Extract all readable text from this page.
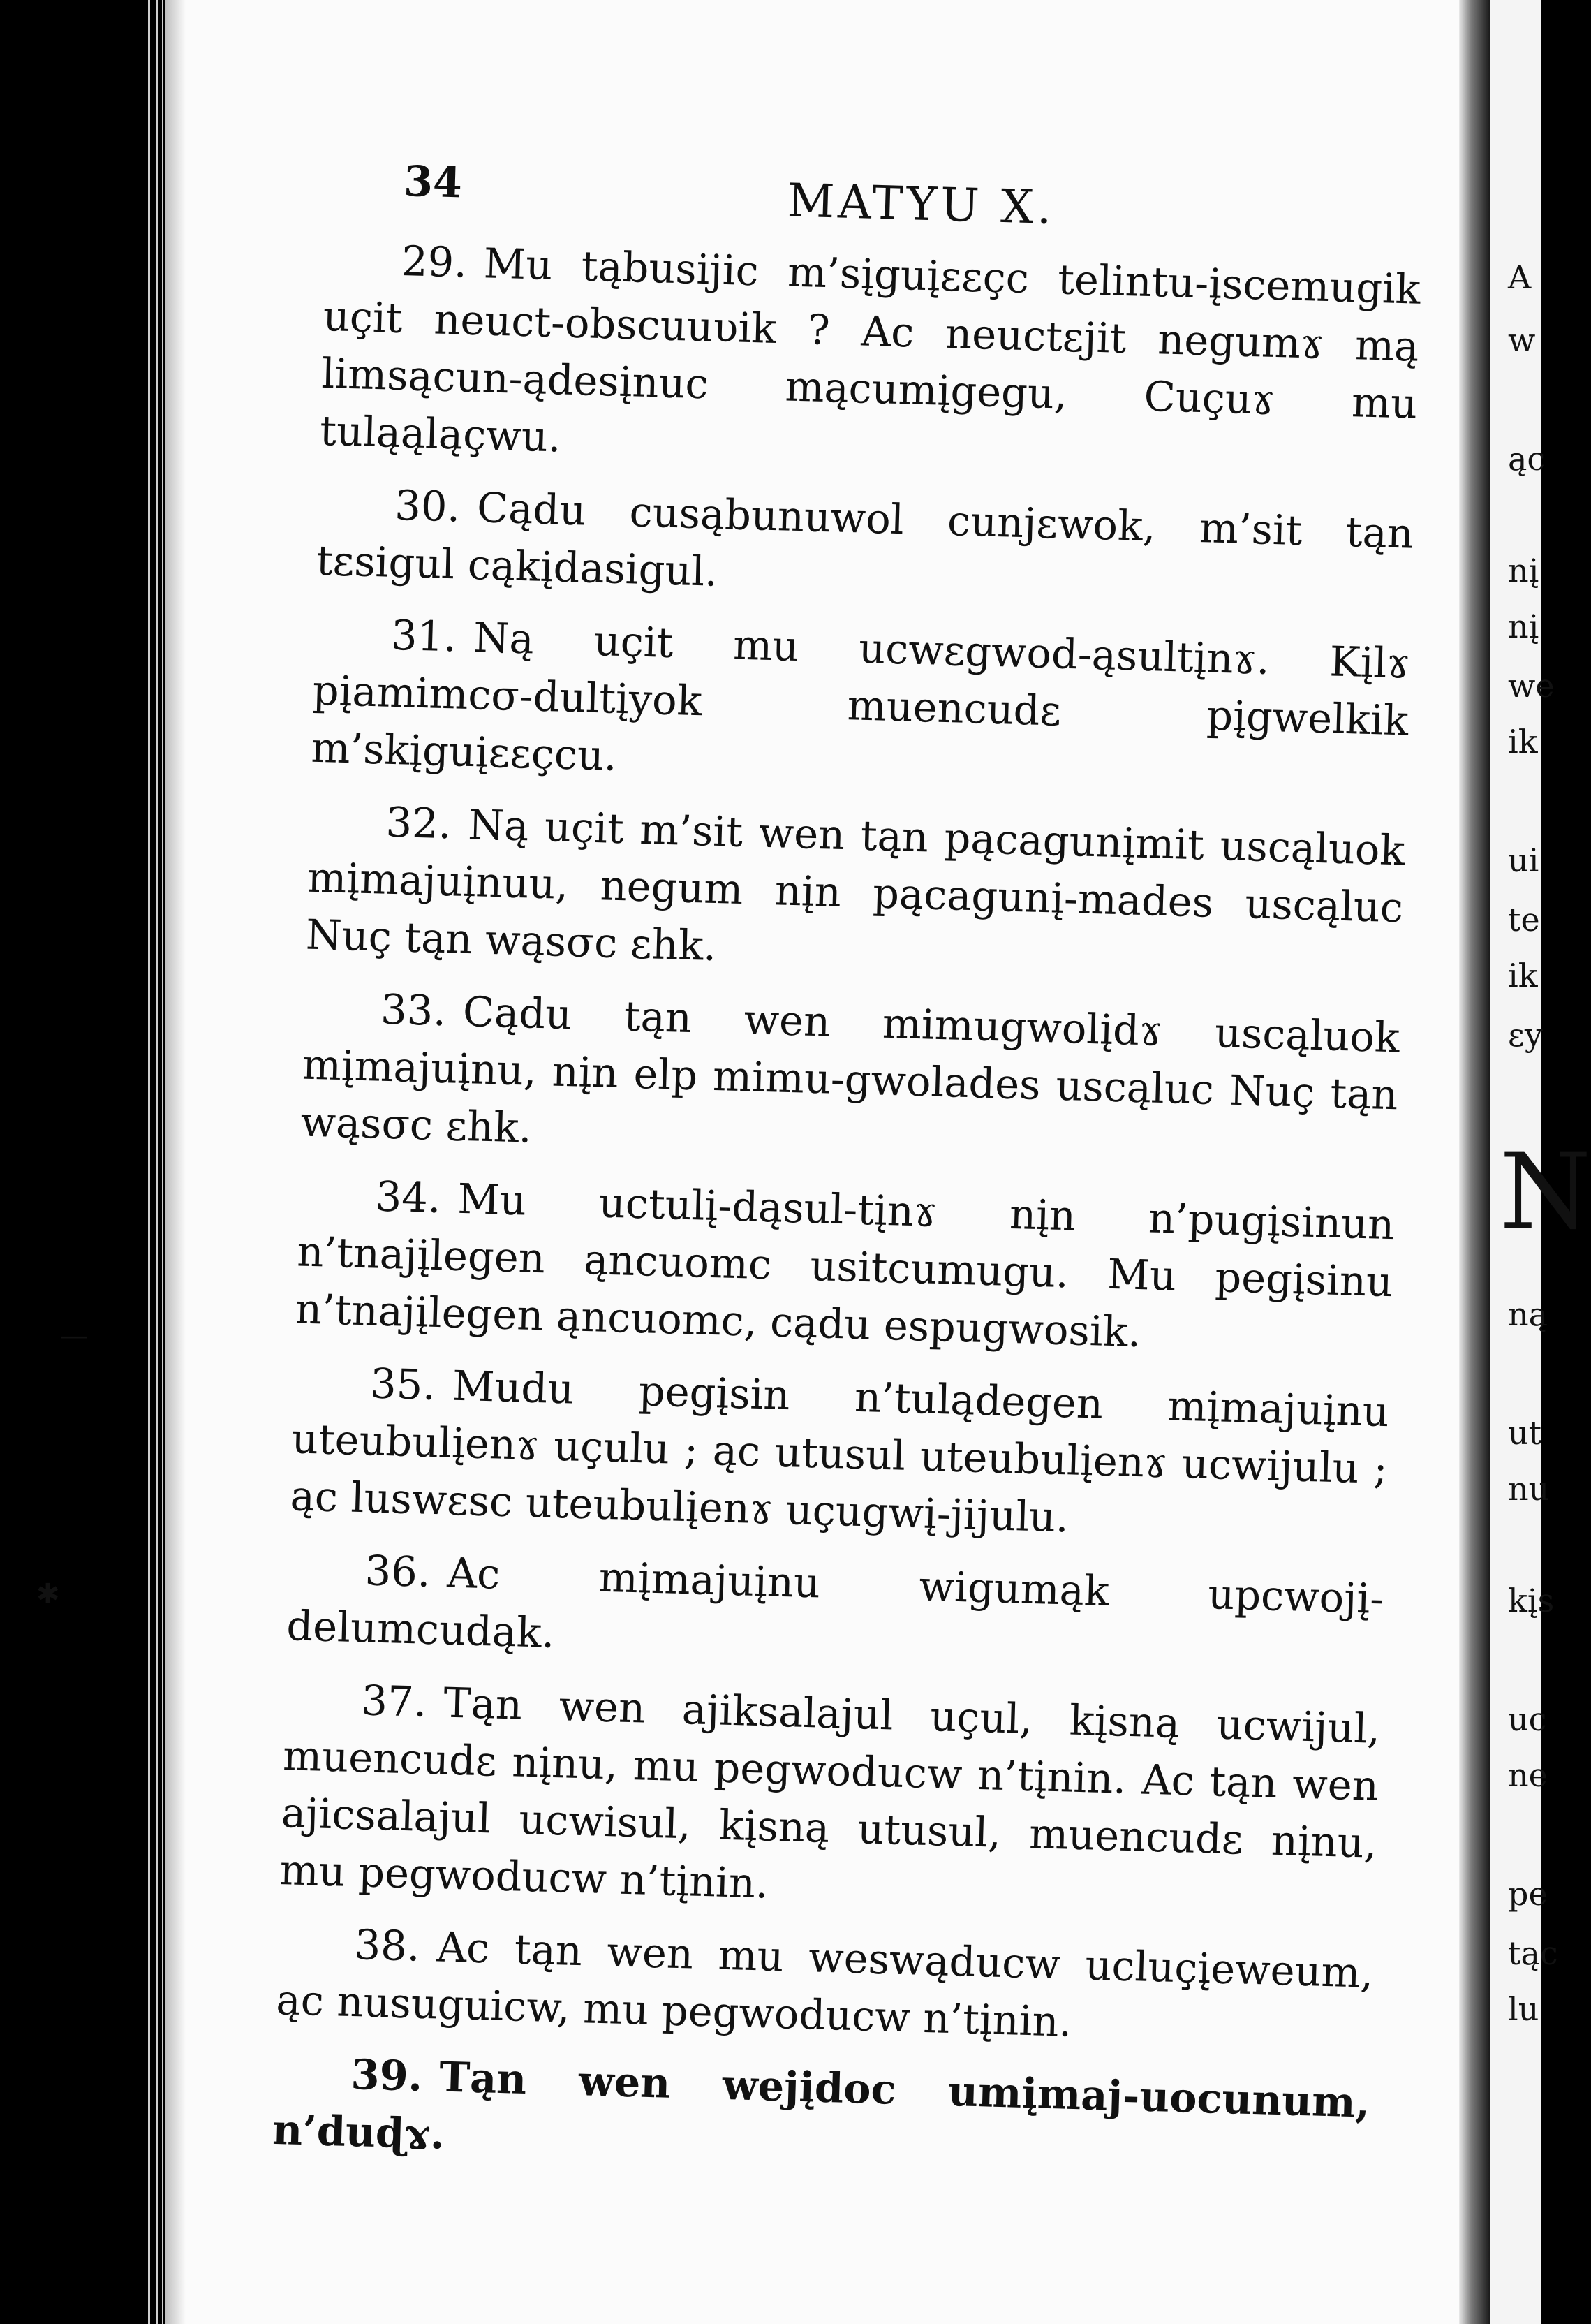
34	MATYU X.

29. Mu tąbusijic m’sįguįεεçc telintu-įscemugik uçit neuct-obscuuυik ? Ac neuctεjit negumɤ mą limsącun-ądesįnuc mącumįgegu, Cuçuɤ mu tuląąląçwu.

30. Cądu cusąbunuwol cunjεwok, m’sit tąn tεsigul cąkįdasigul.

31. Ną uçit mu ucwεgwod-ąsultįnɤ. Kįlɤ pįamimcσ-dultįyok muencudε pįgwelkik m’skįguįεεçcu.

32. Ną uçit m’sit wen tąn pącagunįmit uscąluok mįmajuįnuu, negum nįn pącagunį-mades uscąluc Nuç tąn wąsσc εhk.

33. Cądu tąn wen mimugwolįdɤ uscąluok mįmajuįnu, nįn elp mimu-gwolades uscąluc Nuç tąn wąsσc εhk.

34. Mu uctulį-dąsul-tįnɤ nįn n’pugįsinun n’tnajįlegen ąncuomc usitcumugu. Mu pegįsinu n’tnajįlegen ąncuomc, cądu espugwosik.

35. Mudu pegįsin n’tulądegen mįmajuįnu uteubulįenɤ uçulu ; ąc utusul uteubulįenɤ ucwijulu ; ąc luswεsc uteubulįenɤ uçugwį-jijulu.

36. Ac mįmajuįnu wigumąk upcwojį-delumcudąk.

37. Tąn wen ajiksalajul uçul, kįsną ucwijul, muencudε nįnu, mu pegwoducw n’tįnin. Ac tąn wen ajicsalajul ucwisul, kįsną utusul, muencudε nįnu, mu pegwoducw n’tįnin.

38. Ac tąn wen mu weswąducw ucluçįeweum, ąc nusuguicw, mu pegwoducw n’tįnin.

39. Tąn wen wejįdoc umįmaj-uocunum, n’duɖɤ.

—
✱
A
w
ąc
nį
nį
we
ik
ui
te
ik
εy
N
ną
ut
nu
kįs
uc
ne
pe
tąc
lu
